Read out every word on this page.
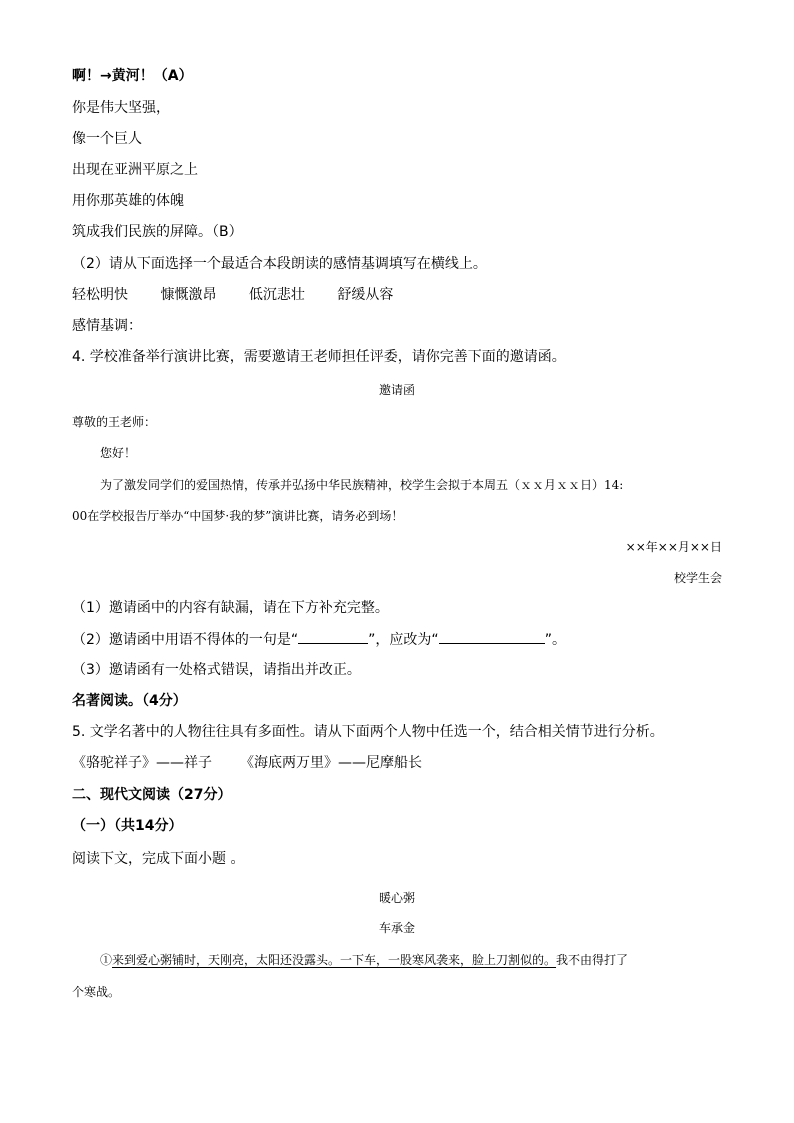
啊！→黄河！（A）
你是伟大坚强，
像一个巨人
出现在亚洲平原之上
用你那英雄的体魄
筑成我们民族的屏障。（B）
（2）请从下面选择一个最适合本段朗读的感情基调填写在横线上。
轻松明快 慷慨激昂 低沉悲壮 舒缓从容
感情基调：
4. 学校准备举行演讲比赛，需要邀请王老师担任评委，请你完善下面的邀请函。
邀请函
尊敬的王老师：
您好！
为了激发同学们的爱国热情，传承并弘扬中华民族精神，校学生会拟于本周五（ｘｘ月ｘｘ日）14:
00在学校报告厅举办“中国梦·我的梦”演讲比赛，请务必到场！
××年××月××日
校学生会
（1）邀请函中的内容有缺漏，请在下方补充完整。
（2）邀请函中用语不得体的一句是“	”，应改为“	”。
（3）邀请函有一处格式错误，请指出并改正。
名著阅读。（4分）
5. 文学名著中的人物往往具有多面性。请从下面两个人物中任选一个，结合相关情节进行分析。
《骆驼祥子》——祥子 《海底两万里》——尼摩船长
二、现代文阅读（27分）
（一）（共14分）
阅读下文，完成下面小题 。
暖心粥
车承金
①来到爱心粥铺时，天刚亮，太阳还没露头。一下车，一股寒风袭来，脸上刀割似的。我不由得打了
个寒战。
